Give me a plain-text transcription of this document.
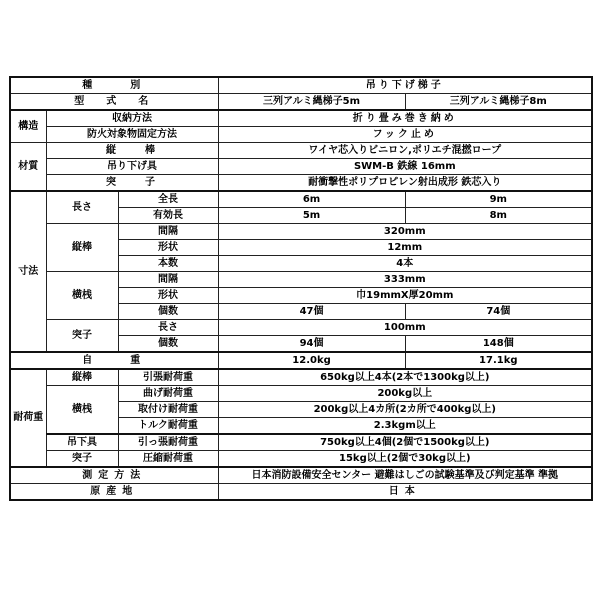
種　　別			吊り下げ梯子	
型　式　名			三列アルミ縄梯子5m	三列アルミ縄梯子8m
構造	収納方法		折り畳み巻き納め	
	防火対象物固定方法		フック止め	
材質	縦　　棒		ワイヤ芯入りビニロン,ポリエチ混撚ロープ	
	吊り下げ具		SWM-B 鉄線 16mm	
	突　　子		耐衝撃性ポリプロピレン射出成形 鉄芯入り	
寸法	長さ	全長	6m	9m
		有効長	5m	8m
	縦棒	間隔	320mm	
		形状	12mm	
		本数	4本	
	横桟	間隔	333mm	
		形状	巾19mmX厚20mm	
		個数	47個	74個
	突子	長さ	100mm	
		個数	94個	148個
自　　重			12.0kg	17.1kg
耐荷重	縦棒	引張耐荷重	650kg以上4本(2本で1300kg以上)	
	横桟	曲げ耐荷重	200kg以上	
		取付け耐荷重	200kg以上4カ所(2カ所で400kg以上)	
		トルク耐荷重	2.3kgm以上	
	吊下具	引っ張耐荷重	750kg以上4個(2個で1500kg以上)	
	突子	圧縮耐荷重	15kg以上(2個で30kg以上)	
測定方法			日本消防設備安全センター 避難はしごの試験基準及び判定基準 準拠	
原産地			日本	
